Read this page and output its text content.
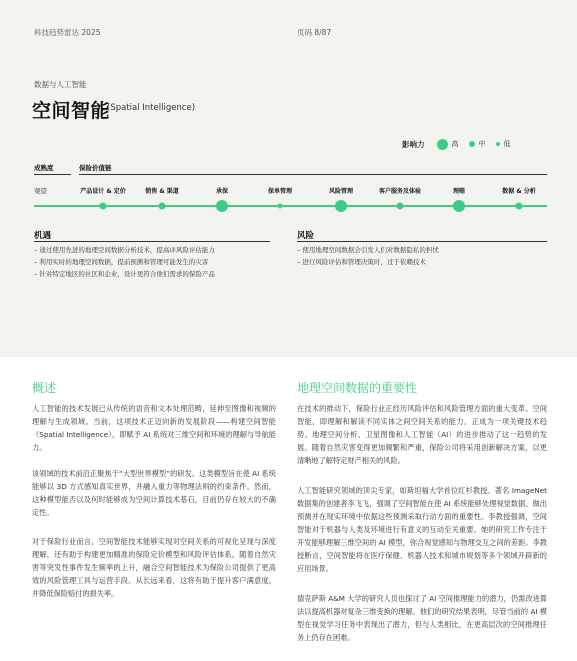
科技趋势雷达 2025	页码 8/87
数据与人工智能
空间智能
(Spatial Intelligence)
影响力	高	中	低
成熟度	保险价值链
观望	产品设计 & 定价	销售 & 渠道	承保	保单管理	风险管理	客户服务及体验	理赔	数据 & 分析
机遇
– 通过使用先进的地理空间数据分析技术，提高评风险评估能力
– 利用实时的地理空间数据，提前预测和管理可能发生的灾害
– 针对特定地区的社区和企业，设计更符合他们需求的保险产品
风险
– 使用地理空间数据会引发人们对数据隐私的担忧
– 进行风险评估和管理决策时，过于依赖技术
概述

人工智能的技术发展已从传统的语音和文本处理范畴，延伸至图像和视频的理解与生成领域。当前，这项技术正迈向新的发展阶段——构建空间智能（Spatial Intelligence），即赋予 AI 系统对三维空间和环境的理解与导航能力。

该领域的技术前沿正聚焦于“大型世界模型”的研发。这类模型旨在使 AI 系统能够以 3D 方式感知真实世界，并融入重力等物理法则的约束条件。然而，这种模型能否以及何时能够成为空间计算技术基石，目前仍存在较大的不确定性。

对于保险行业而言，空间智能技术能够实现对空间关系的可视化呈现与深度理解，还有助于构建更加精准的保险定价模型和风险评估体系。随着自然灾害等突发性事件发生频率的上升，融合空间智能技术为保险公司提供了更高效的风险管理工具与运营手段。从长远来看，这将有助于提升客户满意度，并降低保险赔付的损失率。

地理空间数据的重要性

在技术的推动下，保险行业正经历风险评估和风险管理方面的重大变革。空间智能，即理解和解读不同实体之间空间关系的能力，正成为一项关键技术趋势。地理空间分析、卫星图像和人工智能（AI）的进步推动了这一趋势的发展。随着自然灾害变得更加频繁和严重，保险公司将采用创新解决方案，以更清晰地了解特定财产相关的风险。

人工智能研究领域的顶尖专家，如斯坦福大学首位红杉教授、著名 ImageNet 数据集的创建者李飞飞，强调了空间智能在使 AI 系统能够处理视觉数据、做出预测并在现实环境中依据这些预测采取行动方面的重要性。李教授强调，空间智能对于机器与人类及环境进行有意义的互动至关重要。她的研究工作专注于开发能够理解三维空间的 AI 模型，弥合视觉感知与物理交互之间的差距。李教授断言，空间智能将在医疗保健、机器人技术和城市规划等多个领域开辟新的应用场景。

德克萨斯 A&M 大学的研究人员也探讨了 AI 空间推理能力的潜力，仍需改进算法以提高机器对复杂三维变换的理解。他们的研究结果表明，尽管当前的 AI 模型在视觉学习任务中表现出了潜力，但与人类相比，在更高层次的空间推理任务上仍存在困难。
